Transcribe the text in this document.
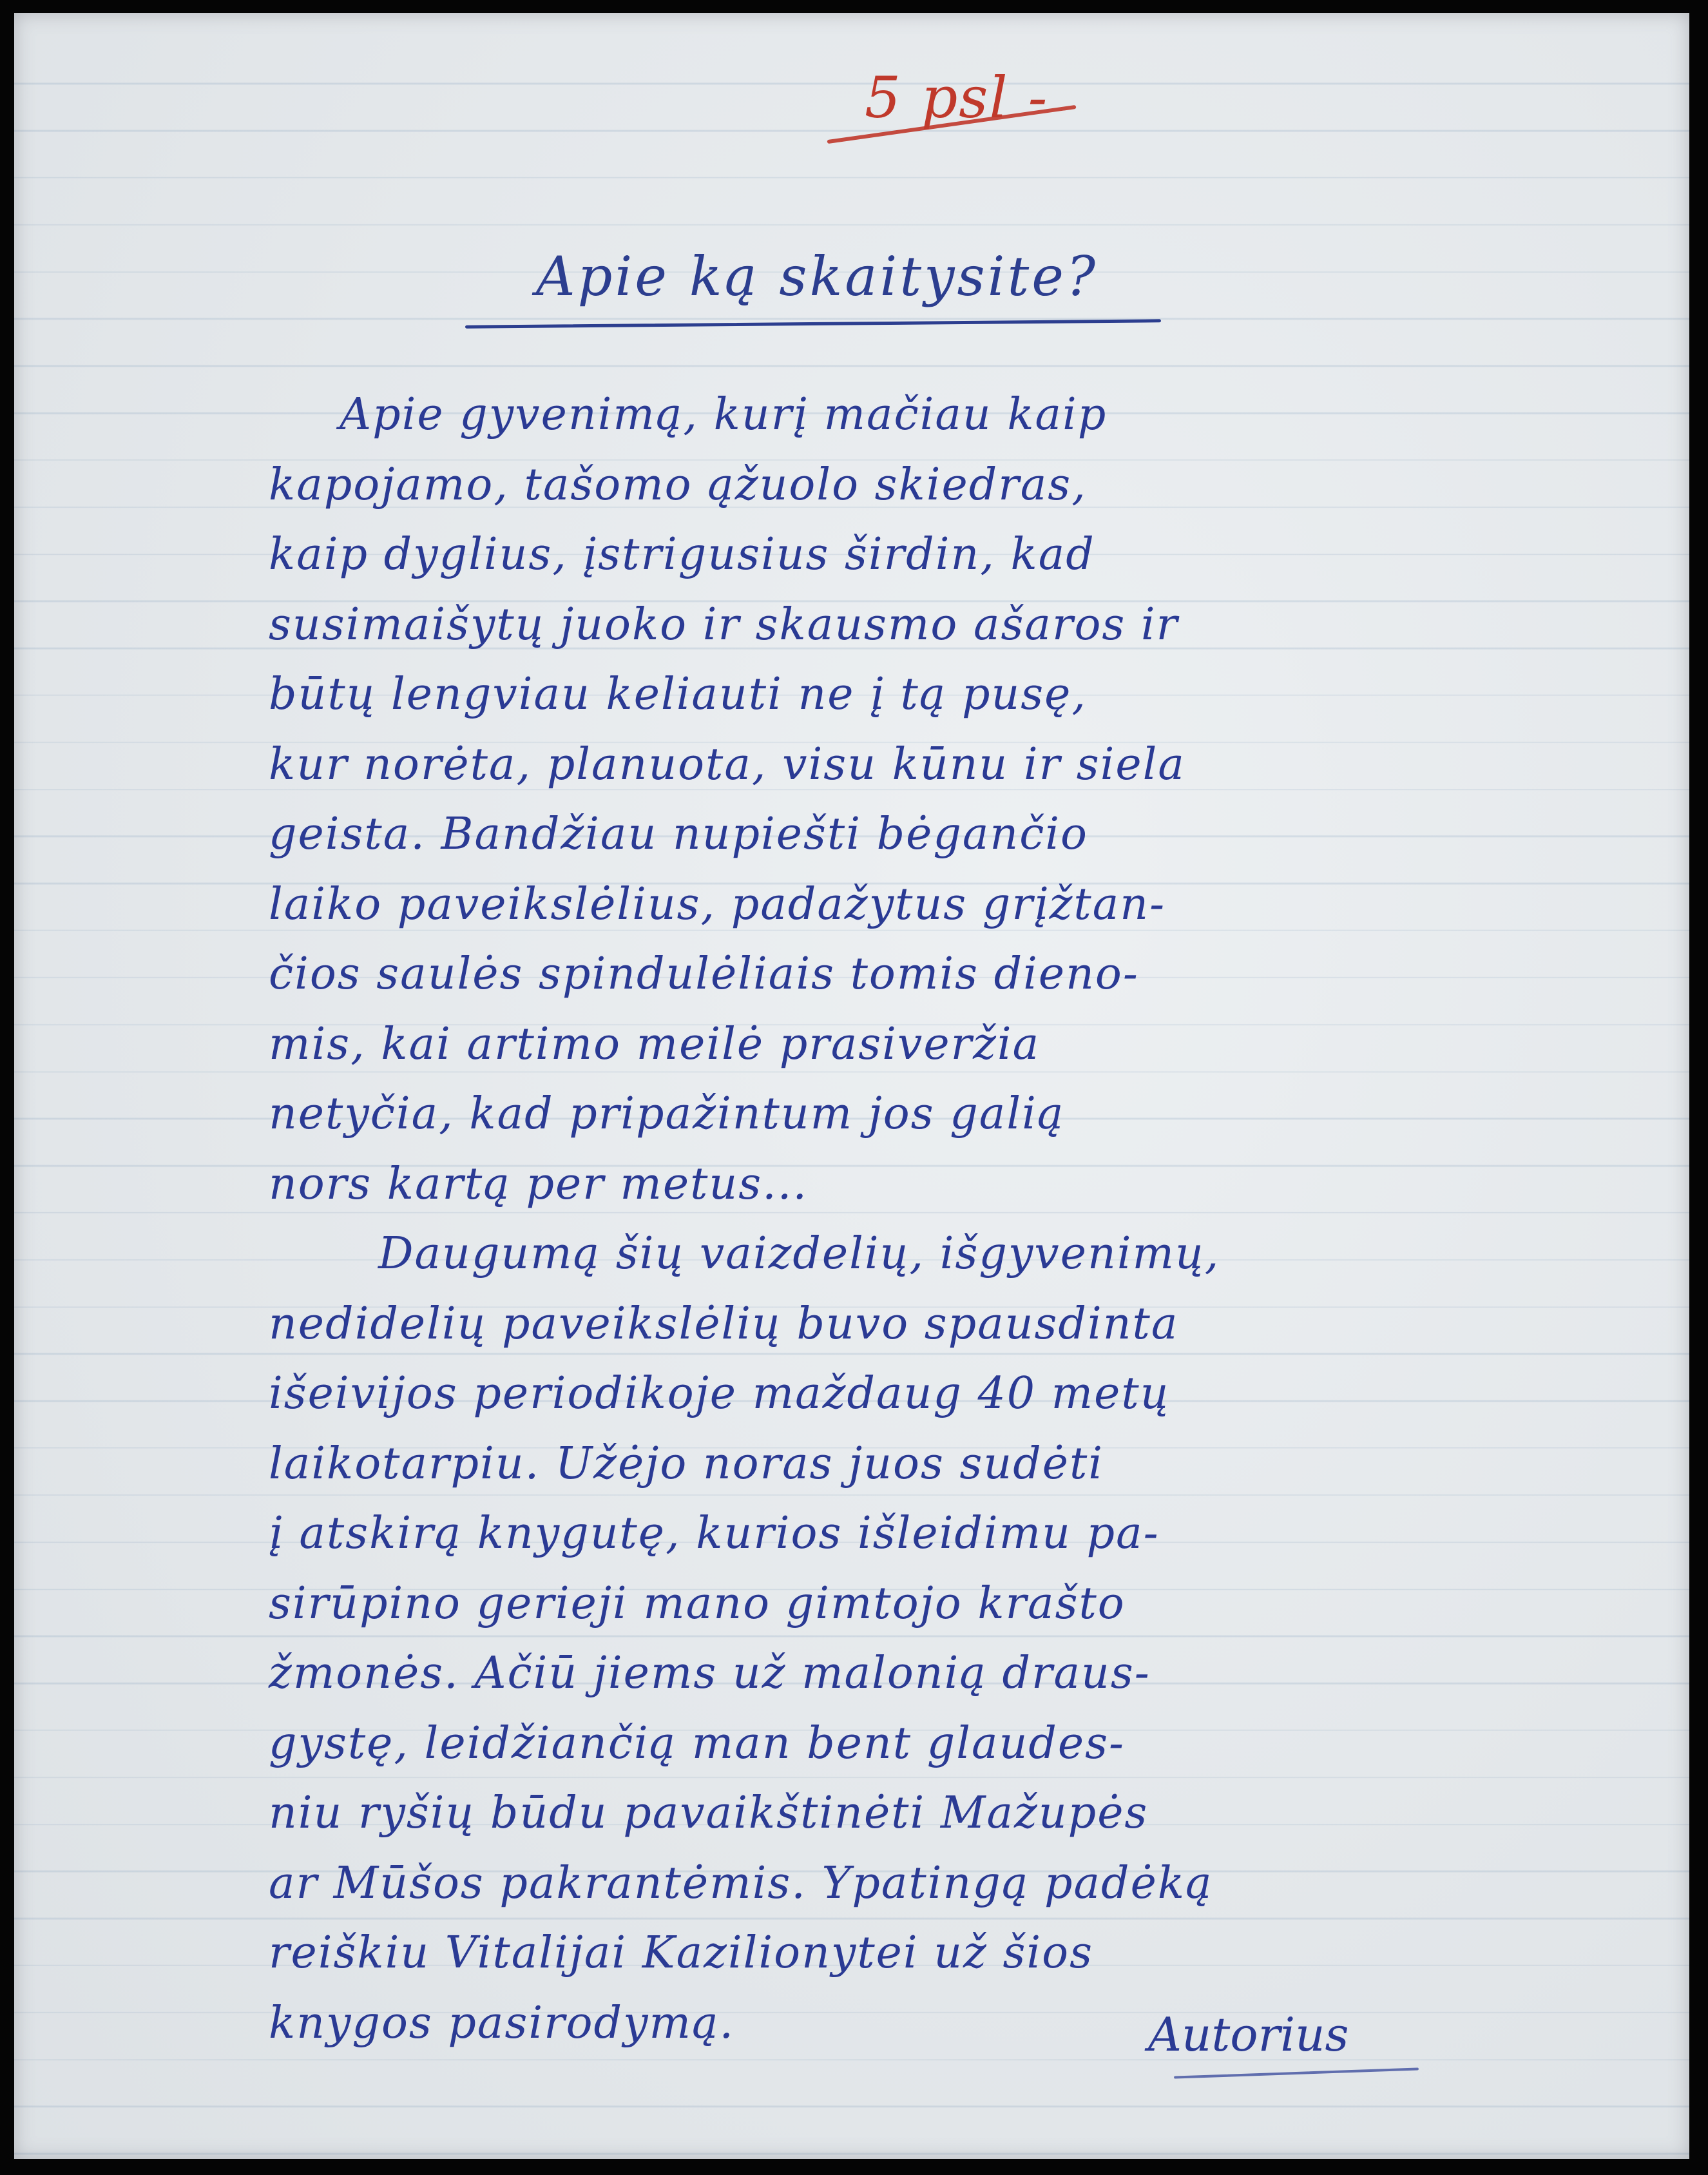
5 psl -
Apie ką skaitysite?
Apie gyvenimą, kurį mačiau kaip
kapojamo, tašomo ąžuolo skiedras,
kaip dyglius, įstrigusius širdin, kad
susimaišytų juoko ir skausmo ašaros ir
būtų lengviau keliauti ne į tą pusę,
kur norėta, planuota, visu kūnu ir siela
geista. Bandžiau nupiešti bėgančio
laiko paveikslėlius, padažytus grįžtan-
čios saulės spindulėliais tomis dieno-
mis, kai artimo meilė prasiveržia
netyčia, kad pripažintum jos galią
nors kartą per metus...
Daugumą šių vaizdelių, išgyvenimų,
nedidelių paveikslėlių buvo spausdinta
išeivijos periodikoje maždaug 40 metų
laikotarpiu. Užėjo noras juos sudėti
į atskirą knygutę, kurios išleidimu pa-
sirūpino gerieji mano gimtojo krašto
žmonės. Ačiū jiems už malonią draus-
gystę, leidžiančią man bent glaudes-
niu ryšių būdu pavaikštinėti Mažupės
ar Mūšos pakrantėmis. Ypatingą padėką
reiškiu Vitalijai Kazilionytei už šios
knygos pasirodymą.	Autorius
